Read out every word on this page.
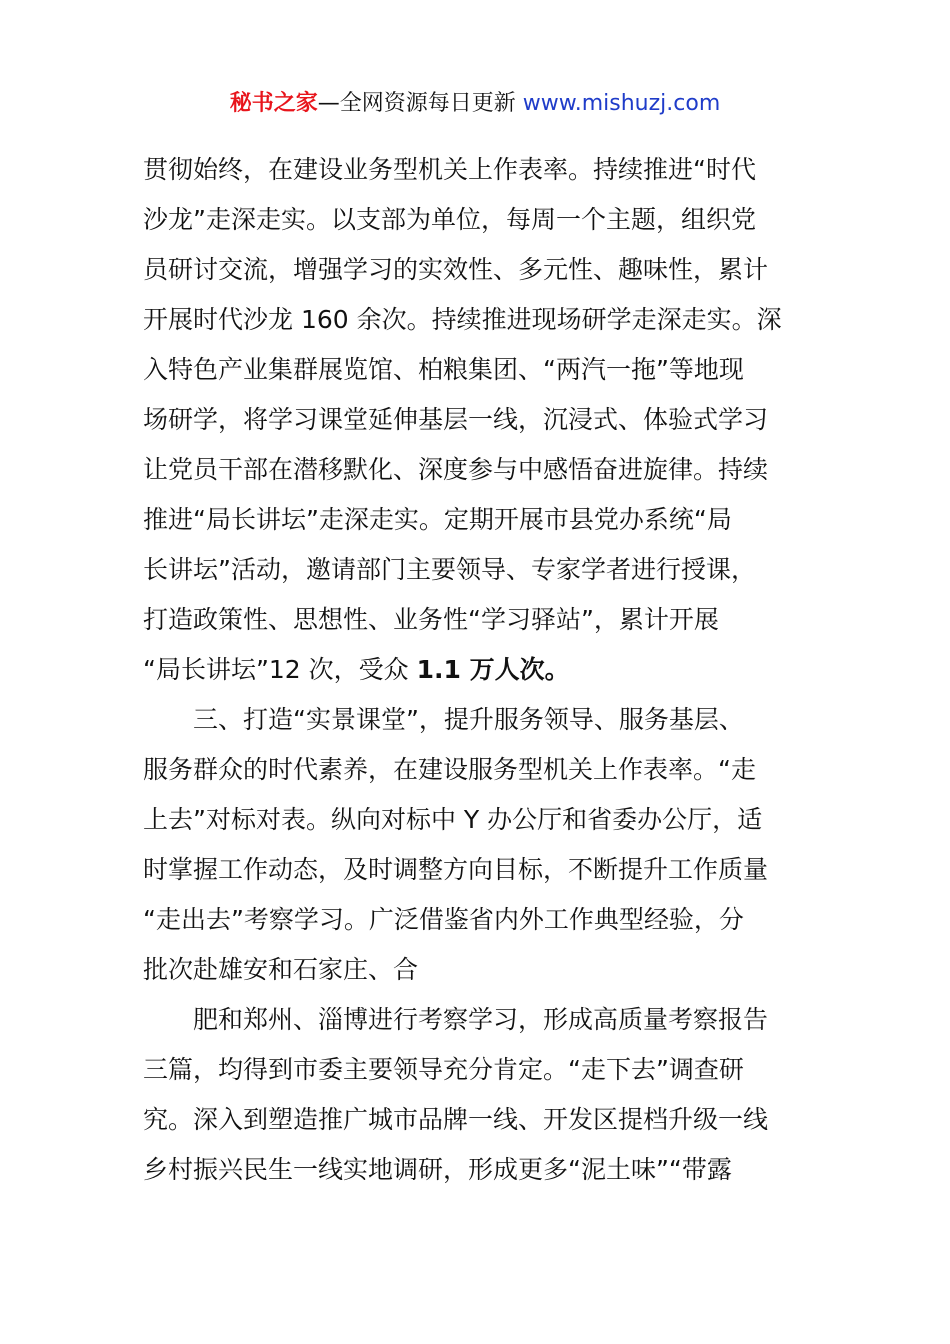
秘书之家—全网资源每日更新 www.mishuzj.com
贯彻始终，在建设业务型机关上作表率。持续推进“时代
沙龙”走深走实。以支部为单位，每周一个主题，组织党
员研讨交流，增强学习的实效性、多元性、趣味性，累计
开展时代沙龙 160 余次。持续推进现场研学走深走实。深
入特色产业集群展览馆、柏粮集团、“两汽一拖”等地现
场研学，将学习课堂延伸基层一线，沉浸式、体验式学习
让党员干部在潜移默化、深度参与中感悟奋进旋律。持续
推进“局长讲坛”走深走实。定期开展市县党办系统“局
长讲坛”活动，邀请部门主要领导、专家学者进行授课，
打造政策性、思想性、业务性“学习驿站”，累计开展
“局长讲坛”12 次，受众 1.1 万人次。
三、打造“实景课堂”，提升服务领导、服务基层、
服务群众的时代素养，在建设服务型机关上作表率。“走
上去”对标对表。纵向对标中 Y 办公厅和省委办公厅，适
时掌握工作动态，及时调整方向目标，不断提升工作质量
“走出去”考察学习。广泛借鉴省内外工作典型经验，分
批次赴雄安和石家庄、合
肥和郑州、淄博进行考察学习，形成高质量考察报告
三篇，均得到市委主要领导充分肯定。“走下去”调查研
究。深入到塑造推广城市品牌一线、开发区提档升级一线
乡村振兴民生一线实地调研，形成更多“泥土味”“带露
